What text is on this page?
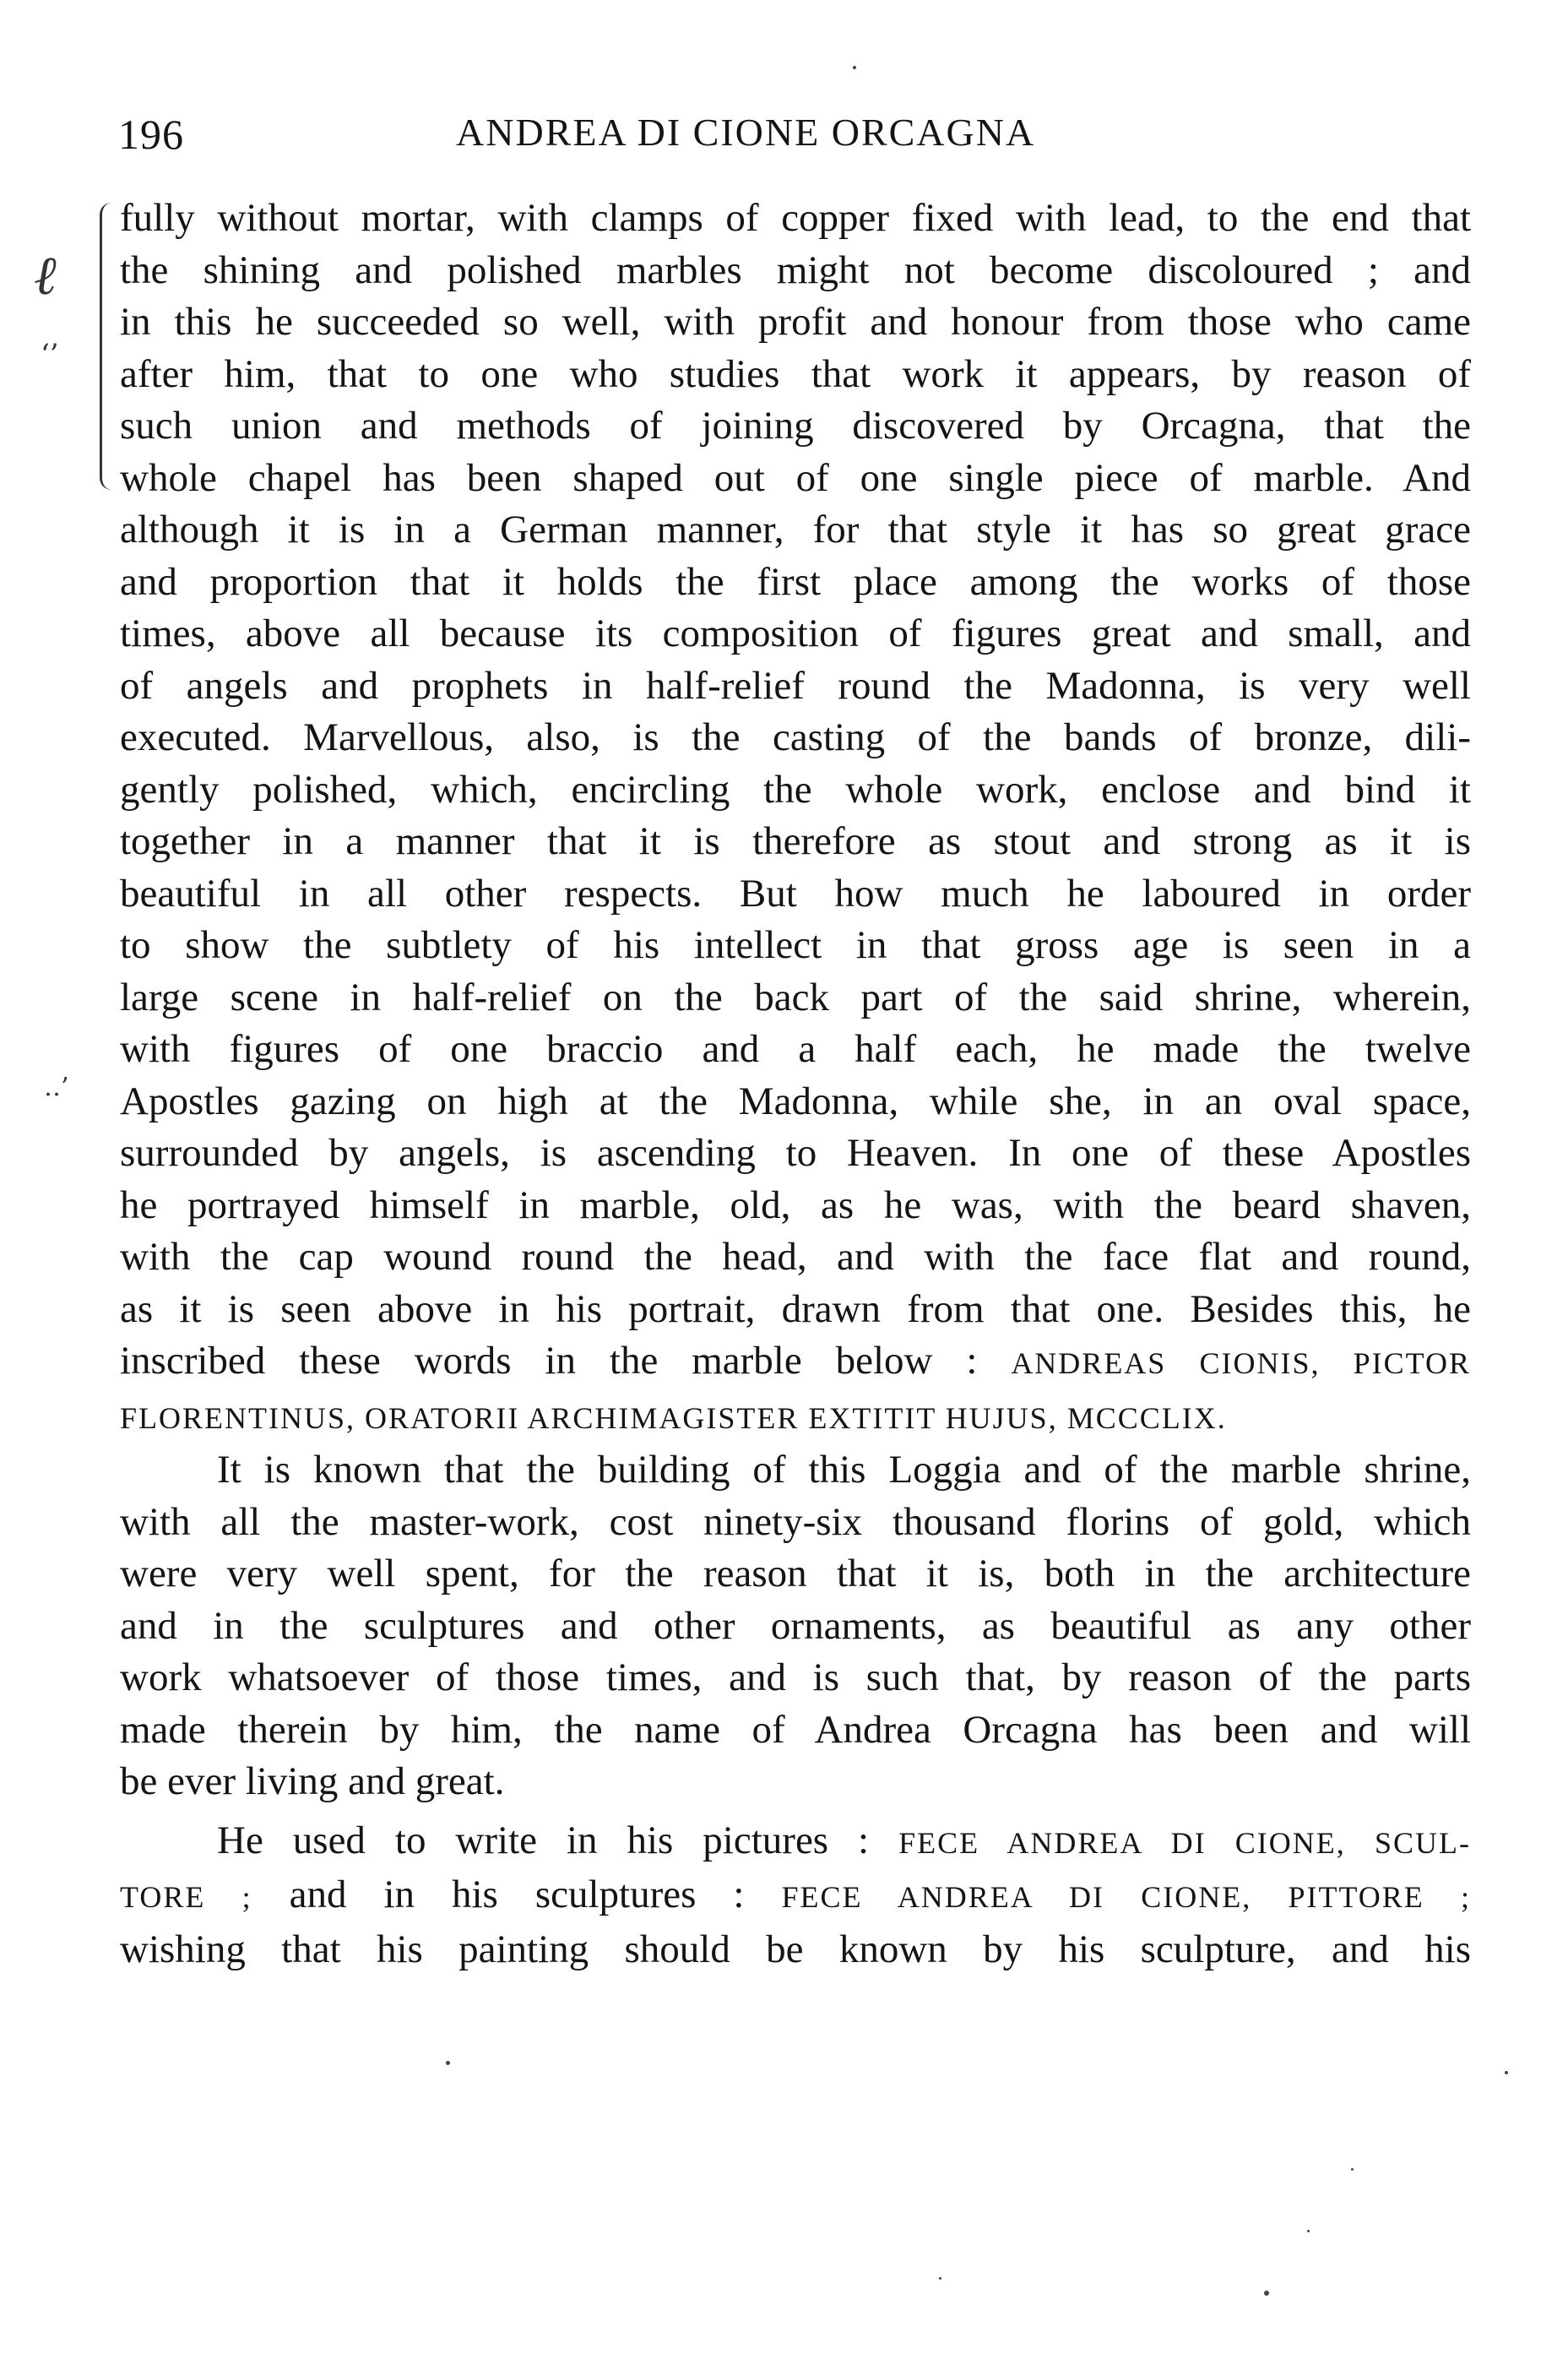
196	ANDREA DI CIONE ORCAGNA
ℓ
‘’
‥’
fully without mortar, with clamps of copper fixed with lead, to the end that
the shining and polished marbles might not become discoloured ; and
in this he succeeded so well, with profit and honour from those who came
after him, that to one who studies that work it appears, by reason of
such union and methods of joining discovered by Orcagna, that the
whole chapel has been shaped out of one single piece of marble. And
although it is in a German manner, for that style it has so great grace
and proportion that it holds the first place among the works of those
times, above all because its composition of figures great and small, and
of angels and prophets in half-relief round the Madonna, is very well
executed. Marvellous, also, is the casting of the bands of bronze, dili-
gently polished, which, encircling the whole work, enclose and bind it
together in a manner that it is therefore as stout and strong as it is
beautiful in all other respects. But how much he laboured in order
to show the subtlety of his intellect in that gross age is seen in a
large scene in half-relief on the back part of the said shrine, wherein,
with figures of one braccio and a half each, he made the twelve
Apostles gazing on high at the Madonna, while she, in an oval space,
surrounded by angels, is ascending to Heaven. In one of these Apostles
he portrayed himself in marble, old, as he was, with the beard shaven,
with the cap wound round the head, and with the face flat and round,
as it is seen above in his portrait, drawn from that one. Besides this, he
inscribed these words in the marble below : ANDREAS CIONIS, PICTOR
FLORENTINUS, ORATORII ARCHIMAGISTER EXTITIT HUJUS, MCCCLIX.
It is known that the building of this Loggia and of the marble shrine,
with all the master-work, cost ninety-six thousand florins of gold, which
were very well spent, for the reason that it is, both in the architecture
and in the sculptures and other ornaments, as beautiful as any other
work whatsoever of those times, and is such that, by reason of the parts
made therein by him, the name of Andrea Orcagna has been and will
be ever living and great.
He used to write in his pictures : FECE ANDREA DI CIONE, SCUL-
TORE ; and in his sculptures : FECE ANDREA DI CIONE, PITTORE ;
wishing that his painting should be known by his sculpture, and his
